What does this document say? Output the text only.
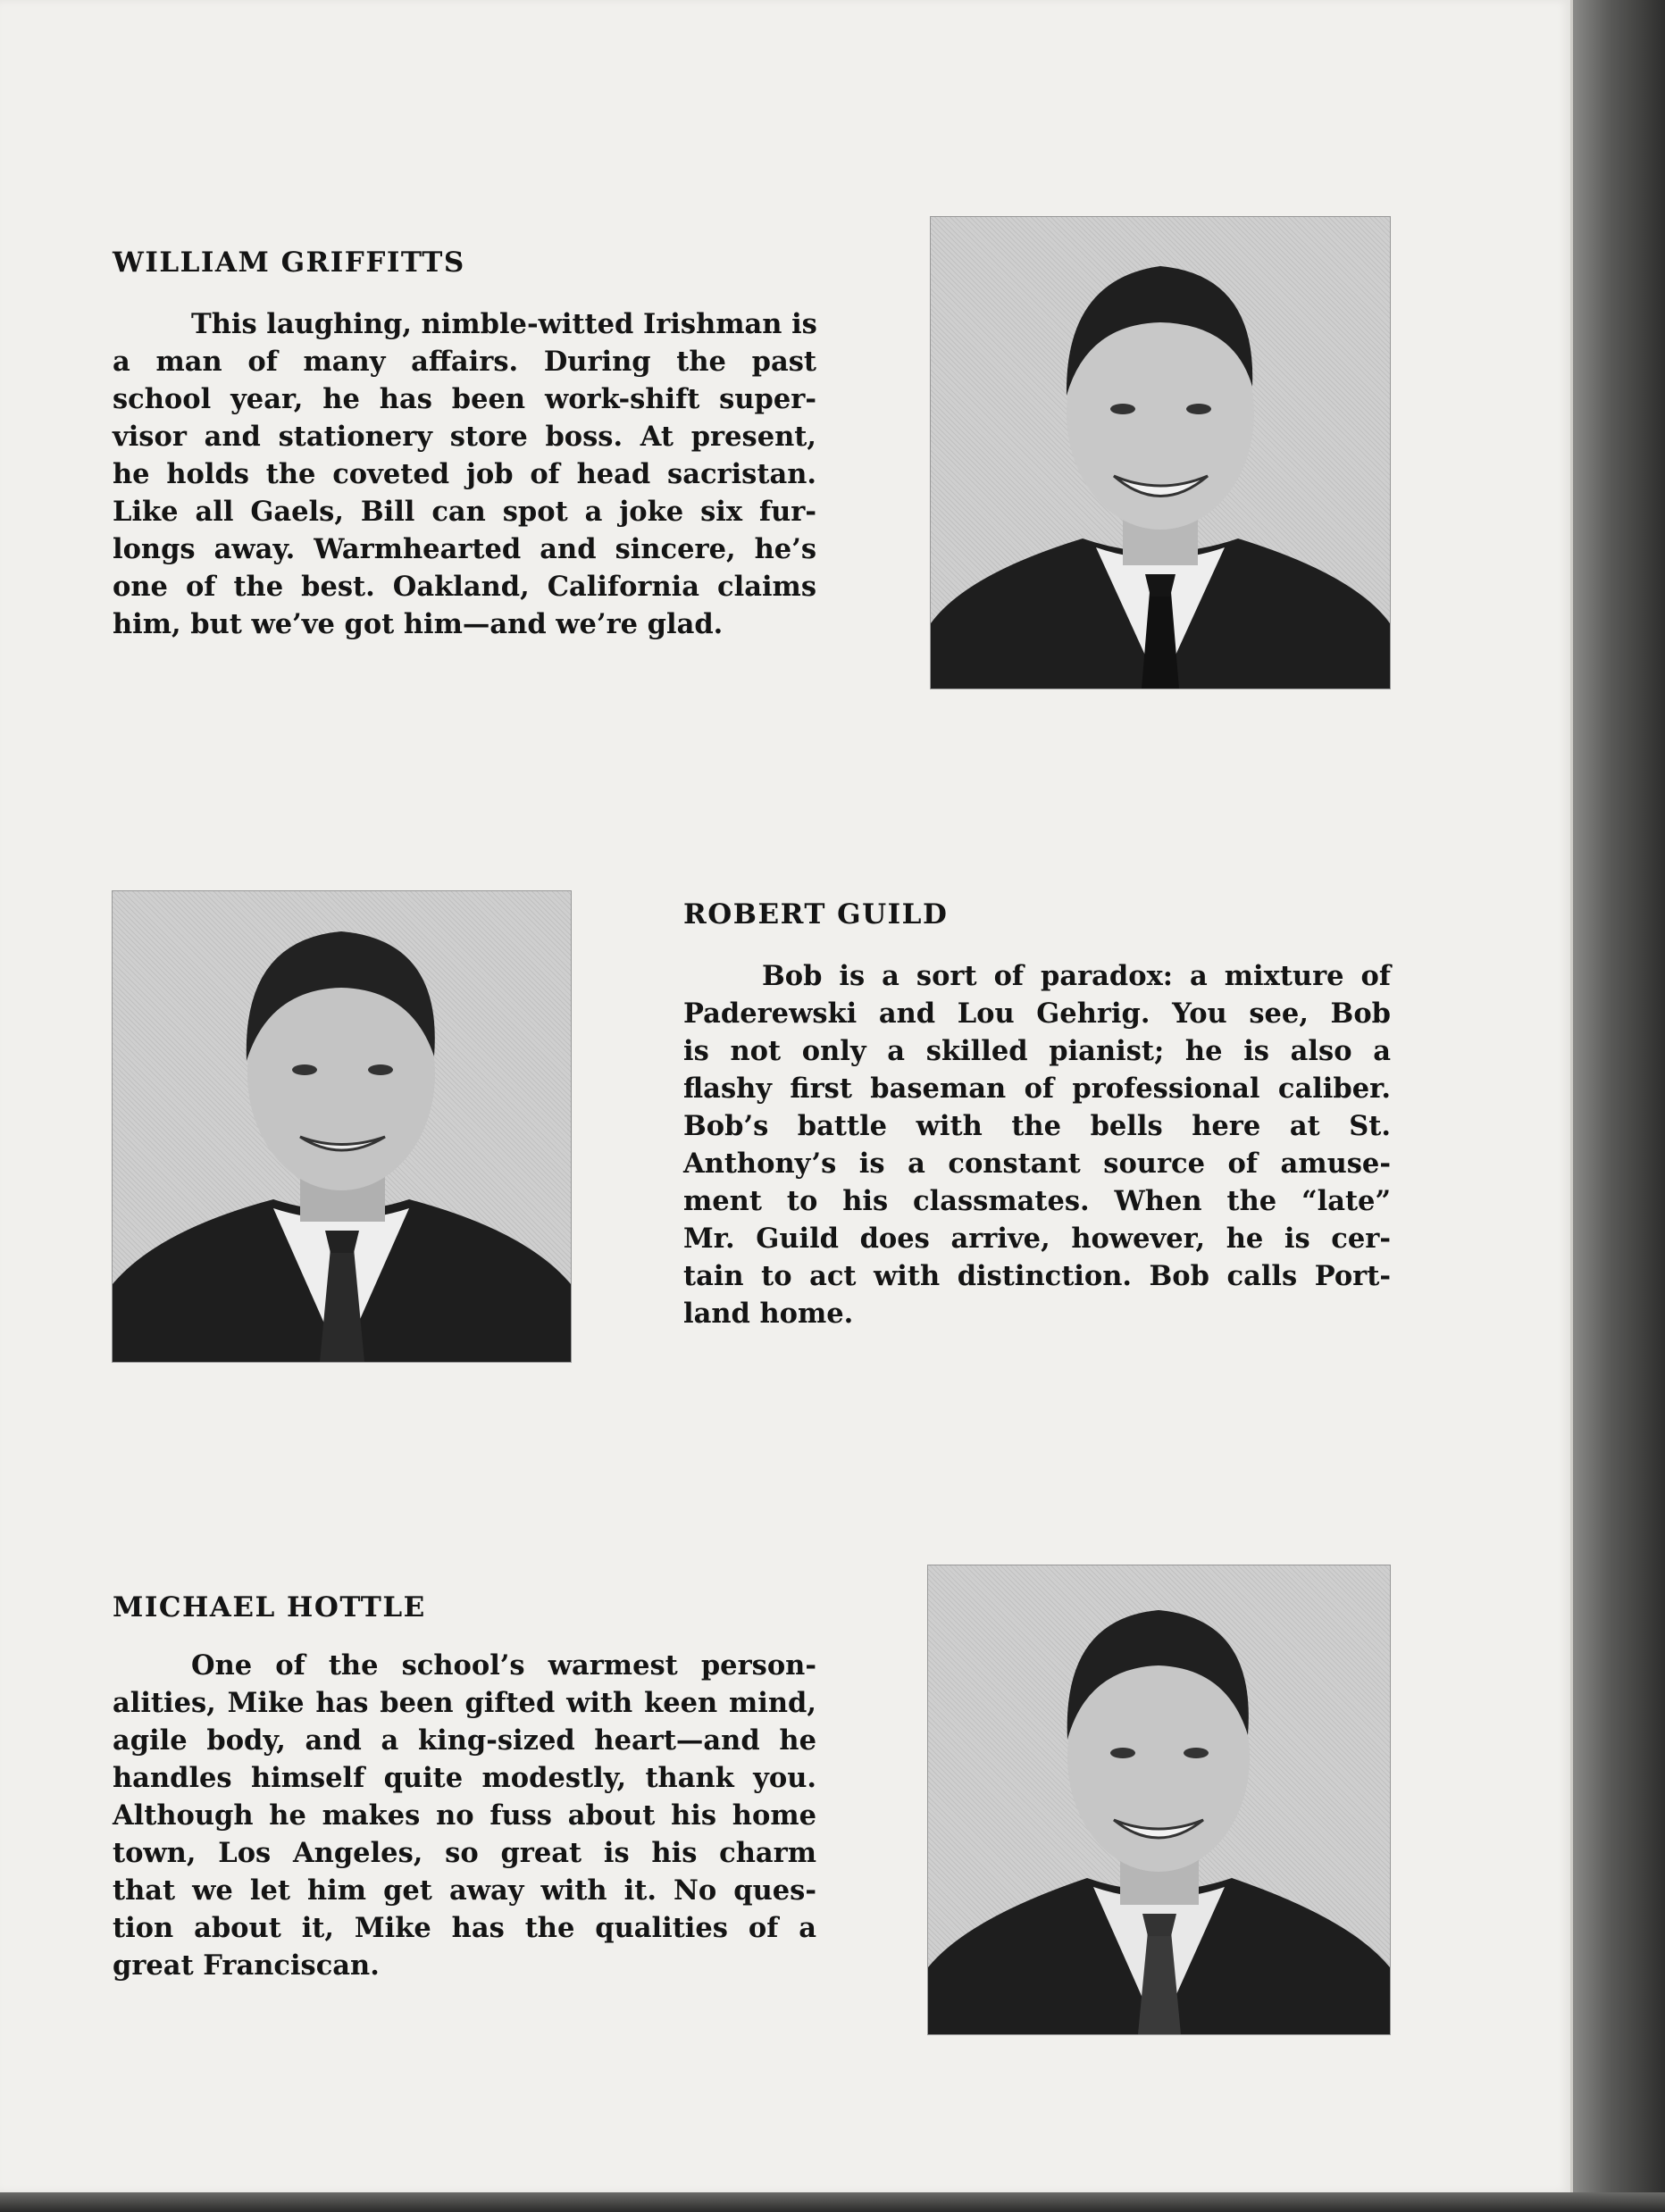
WILLIAM GRIFFITTS
This laughing, nimble-witted Irishman is
a man of many affairs. During the past
school year, he has been work-shift super-
visor and stationery store boss. At present,
he holds the coveted job of head sacristan.
Like all Gaels, Bill can spot a joke six fur-
longs away. Warmhearted and sincere, he’s
one of the best. Oakland, California claims
him, but we’ve got him—and we’re glad.
ROBERT GUILD
Bob is a sort of paradox: a mixture of
Paderewski and Lou Gehrig. You see, Bob
is not only a skilled pianist; he is also a
flashy first baseman of professional caliber.
Bob’s battle with the bells here at St.
Anthony’s is a constant source of amuse-
ment to his classmates. When the “late”
Mr. Guild does arrive, however, he is cer-
tain to act with distinction. Bob calls Port-
land home.
MICHAEL HOTTLE
One of the school’s warmest person-
alities, Mike has been gifted with keen mind,
agile body, and a king-sized heart—and he
handles himself quite modestly, thank you.
Although he makes no fuss about his home
town, Los Angeles, so great is his charm
that we let him get away with it. No ques-
tion about it, Mike has the qualities of a
great Franciscan.
